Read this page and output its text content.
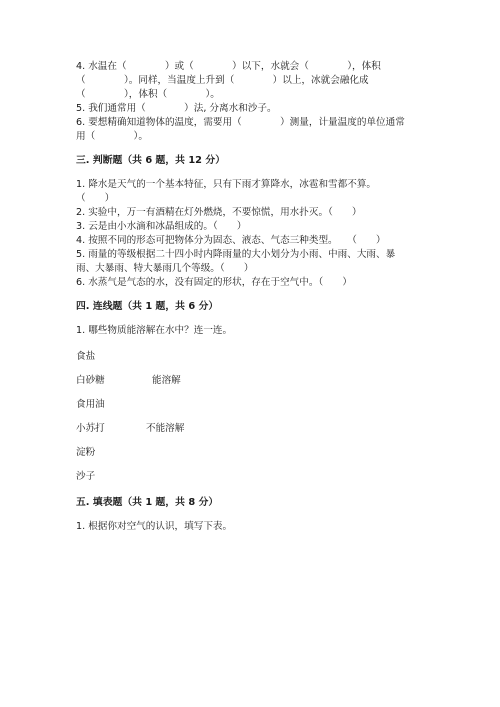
4. 水温在（　　　　）或（　　　　）以下，水就会（　　　　），体积
（　　　　）。同样，当温度上升到（　　　　）以上，冰就会融化成
（　　　　），体积（　　　　）。
5. 我们通常用（　　　　）法, 分离水和沙子。
6. 要想精确知道物体的温度，需要用（　　　　）测量，计量温度的单位通常
用（　　　　）。
三. 判断题（共 6 题，共 12 分）
1. 降水是天气的一个基本特征，只有下雨才算降水，冰雹和雪都不算。
（　　）
2. 实验中，万一有酒精在灯外燃烧，不要惊慌，用水扑灭。（　　）
3. 云是由小水滴和冰晶组成的。（　　）
4. 按照不同的形态可把物体分为固态、液态、气态三种类型。　　（　　）
5. 雨量的等级根据二十四小时内降雨量的大小划分为小雨、中雨、大雨、暴
雨、大暴雨、特大暴雨几个等级。（　　）
6. 水蒸气是气态的水，没有固定的形状，存在于空气中。（　　）
四. 连线题（共 1 题，共 6 分）
1. 哪些物质能溶解在水中？连一连。
食盐
白砂糖	能溶解
食用油
小苏打	不能溶解
淀粉
沙子
五. 填表题（共 1 题，共 8 分）
1. 根据你对空气的认识，填写下表。
